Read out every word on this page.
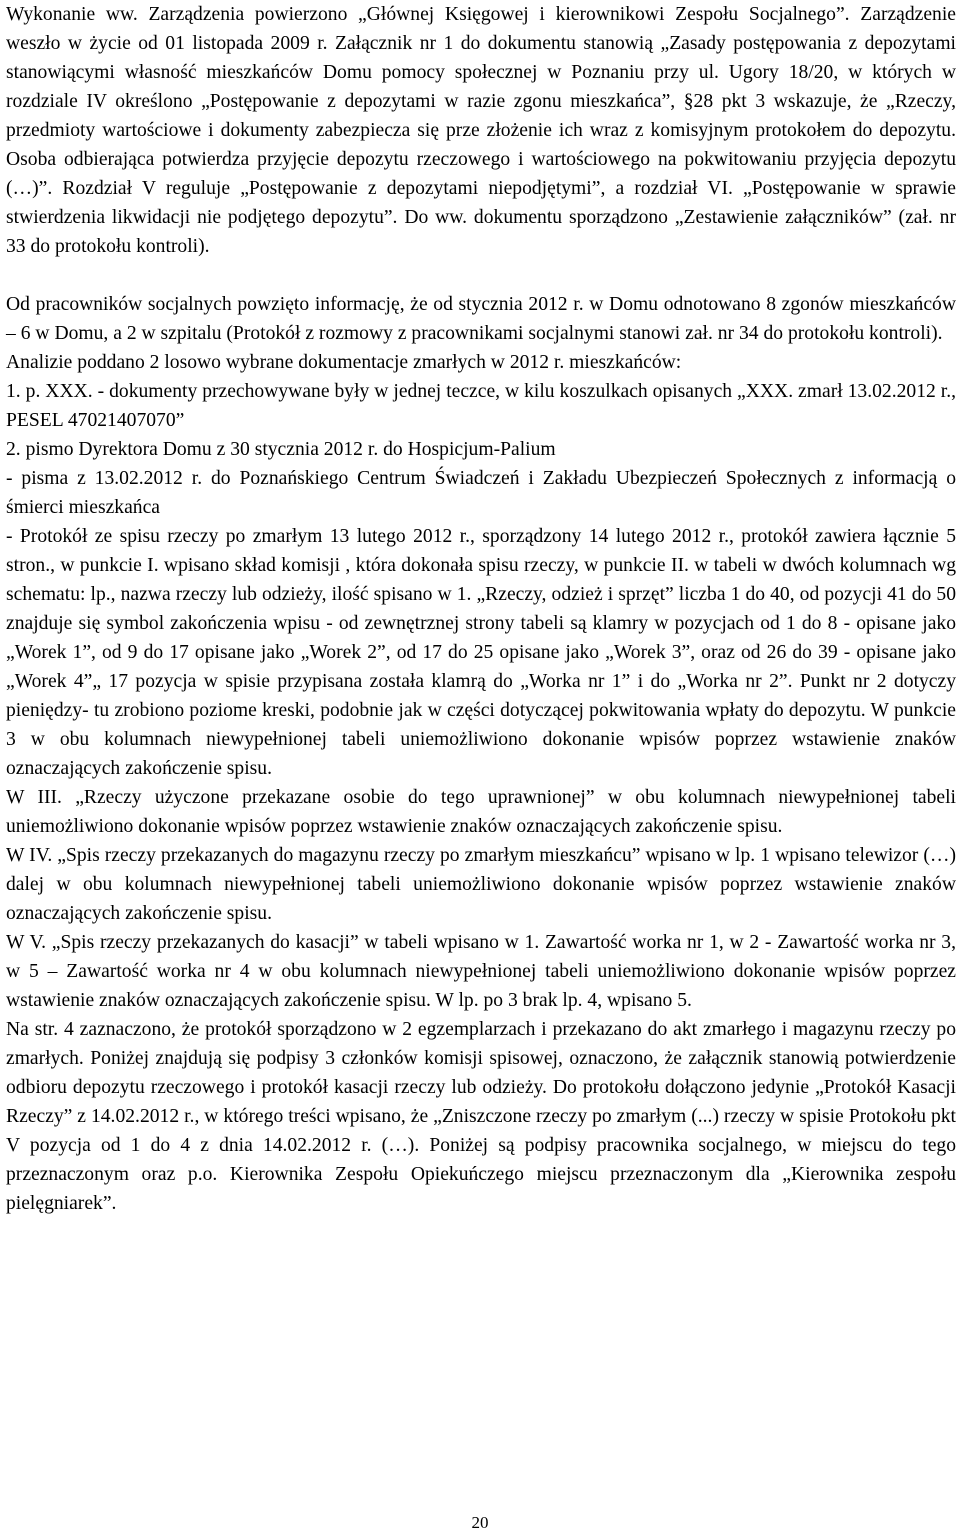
Wykonanie ww. Zarządzenia powierzono „Głównej Księgowej i kierownikowi Zespołu Socjalnego”. Zarządzenie weszło w życie od 01 listopada 2009 r. Załącznik nr 1 do dokumentu stanowią „Zasady postępowania z depozytami stanowiącymi własność mieszkańców Domu pomocy społecznej w Poznaniu przy ul. Ugory 18/20, w których w rozdziale IV określono „Postępowanie z depozytami w razie zgonu mieszkańca”, §28 pkt 3 wskazuje, że „Rzeczy, przedmioty wartościowe i dokumenty zabezpiecza się prze złożenie ich wraz z komisyjnym protokołem do depozytu. Osoba odbierająca potwierdza przyjęcie depozytu rzeczowego i wartościowego na pokwitowaniu przyjęcia depozytu (…)”. Rozdział V reguluje „Postępowanie z depozytami niepodjętymi”, a rozdział VI. „Postępowanie w sprawie stwierdzenia likwidacji nie podjętego depozytu”. Do ww. dokumentu sporządzono „Zestawienie załączników” (zał. nr 33 do protokołu kontroli).

Od pracowników socjalnych powzięto informację, że od stycznia 2012 r. w Domu odnotowano 8 zgonów mieszkańców – 6 w Domu, a 2 w szpitalu (Protokół z rozmowy z pracownikami socjalnymi stanowi zał. nr 34 do protokołu kontroli).

Analizie poddano 2 losowo wybrane dokumentacje zmarłych w 2012 r. mieszkańców:

1. p. XXX. - dokumenty przechowywane były w jednej teczce, w kilu koszulkach opisanych „XXX. zmarł 13.02.2012 r., PESEL 47021407070”

2. pismo Dyrektora Domu z 30 stycznia 2012 r. do Hospicjum-Palium

- pisma z 13.02.2012 r. do Poznańskiego Centrum Świadczeń i Zakładu Ubezpieczeń Społecznych z informacją o śmierci mieszkańca

- Protokół ze spisu rzeczy po zmarłym 13 lutego 2012 r., sporządzony 14 lutego 2012 r., protokół zawiera łącznie 5 stron., w punkcie I. wpisano skład komisji , która dokonała spisu rzeczy, w punkcie II. w tabeli w dwóch kolumnach wg schematu: lp., nazwa rzeczy lub odzieży, ilość spisano w 1. „Rzeczy, odzież i sprzęt” liczba 1 do 40, od pozycji 41 do 50 znajduje się symbol zakończenia wpisu - od zewnętrznej strony tabeli są klamry w pozycjach od 1 do 8 - opisane jako „Worek 1”, od 9 do 17 opisane jako „Worek 2”, od 17 do 25 opisane jako „Worek 3”, oraz od 26 do 39 - opisane jako „Worek 4”„ 17 pozycja w spisie przypisana została klamrą do „Worka nr 1” i do „Worka nr 2”. Punkt nr 2 dotyczy pieniędzy- tu zrobiono poziome kreski, podobnie jak w części dotyczącej pokwitowania wpłaty do depozytu. W punkcie 3 w obu kolumnach niewypełnionej tabeli uniemożliwiono dokonanie wpisów poprzez wstawienie znaków oznaczających zakończenie spisu.

W III. „Rzeczy użyczone przekazane osobie do tego uprawnionej” w obu kolumnach niewypełnionej tabeli uniemożliwiono dokonanie wpisów poprzez wstawienie znaków oznaczających zakończenie spisu.

W IV. „Spis rzeczy przekazanych do magazynu rzeczy po zmarłym mieszkańcu” wpisano w lp. 1 wpisano telewizor (…) dalej w obu kolumnach niewypełnionej tabeli uniemożliwiono dokonanie wpisów poprzez wstawienie znaków oznaczających zakończenie spisu.

W V. „Spis rzeczy przekazanych do kasacji” w tabeli wpisano w 1. Zawartość worka nr 1, w 2 - Zawartość worka nr 3, w 5 – Zawartość worka nr 4 w obu kolumnach niewypełnionej tabeli uniemożliwiono dokonanie wpisów poprzez wstawienie znaków oznaczających zakończenie spisu. W lp. po 3 brak lp. 4, wpisano 5.

Na str. 4 zaznaczono, że protokół sporządzono w 2 egzemplarzach i przekazano do akt zmarłego i magazynu rzeczy po zmarłych. Poniżej znajdują się podpisy 3 członków komisji spisowej, oznaczono, że załącznik stanowią potwierdzenie odbioru depozytu rzeczowego i protokół kasacji rzeczy lub odzieży. Do protokołu dołączono jedynie „Protokół Kasacji Rzeczy” z 14.02.2012 r., w którego treści wpisano, że „Zniszczone rzeczy po zmarłym (...) rzeczy w spisie Protokołu pkt V pozycja od 1 do 4 z dnia 14.02.2012 r. (…). Poniżej są podpisy pracownika socjalnego, w miejscu do tego przeznaczonym oraz p.o. Kierownika Zespołu Opiekuńczego miejscu przeznaczonym dla „Kierownika zespołu pielęgniarek”.

20
